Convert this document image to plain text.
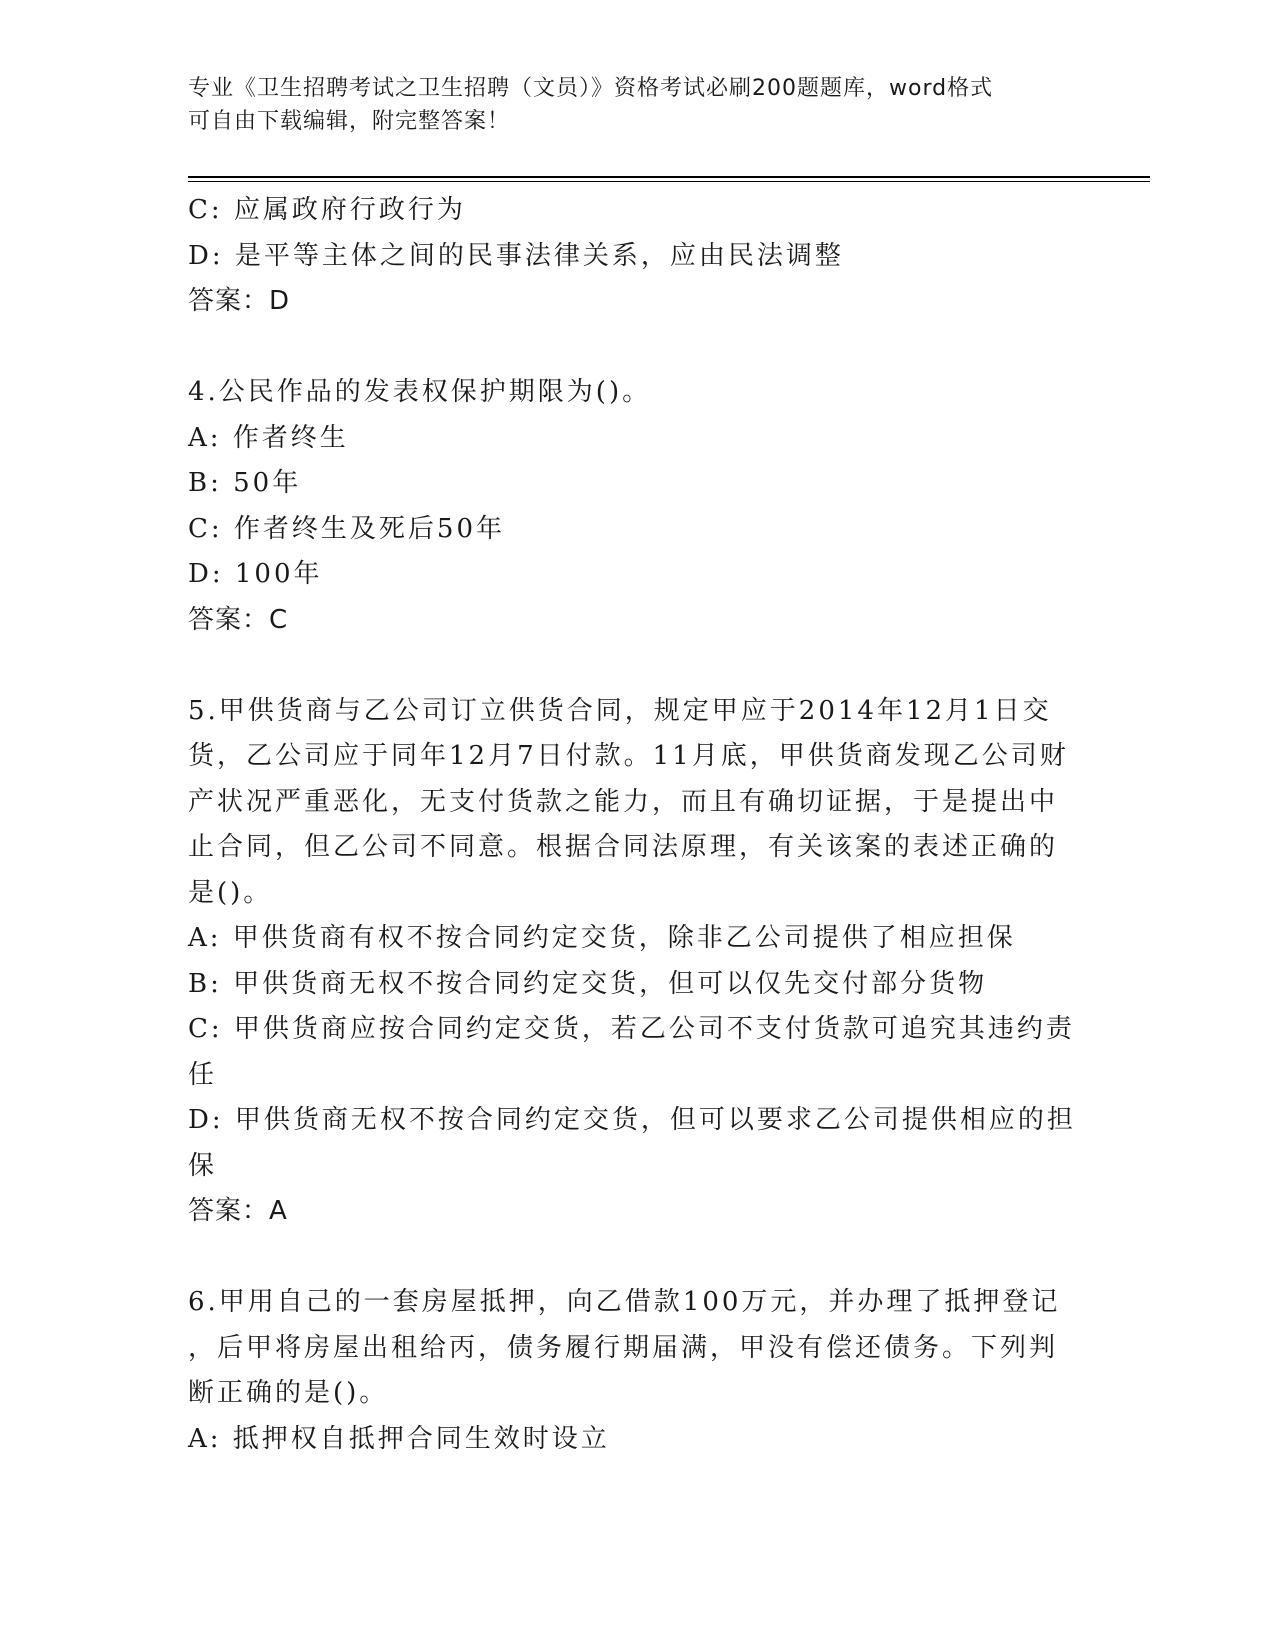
专业《卫生招聘考试之卫生招聘（文员）》资格考试必刷200题题库，word格式
可自由下载编辑，附完整答案！
C: 应属政府行政行为
D: 是平等主体之间的民事法律关系，应由民法调整
答案：D
4.公民作品的发表权保护期限为()。
A: 作者终生
B: 50年
C: 作者终生及死后50年
D: 100年
答案：C
5.甲供货商与乙公司订立供货合同，规定甲应于2014年12月1日交
货，乙公司应于同年12月7日付款。11月底，甲供货商发现乙公司财
产状况严重恶化，无支付货款之能力，而且有确切证据，于是提出中
止合同，但乙公司不同意。根据合同法原理，有关该案的表述正确的
是()。
A: 甲供货商有权不按合同约定交货，除非乙公司提供了相应担保
B: 甲供货商无权不按合同约定交货，但可以仅先交付部分货物
C: 甲供货商应按合同约定交货，若乙公司不支付货款可追究其违约责
任
D: 甲供货商无权不按合同约定交货，但可以要求乙公司提供相应的担
保
答案：A
6.甲用自己的一套房屋抵押，向乙借款100万元，并办理了抵押登记
，后甲将房屋出租给丙，债务履行期届满，甲没有偿还债务。下列判
断正确的是()。
A: 抵押权自抵押合同生效时设立
